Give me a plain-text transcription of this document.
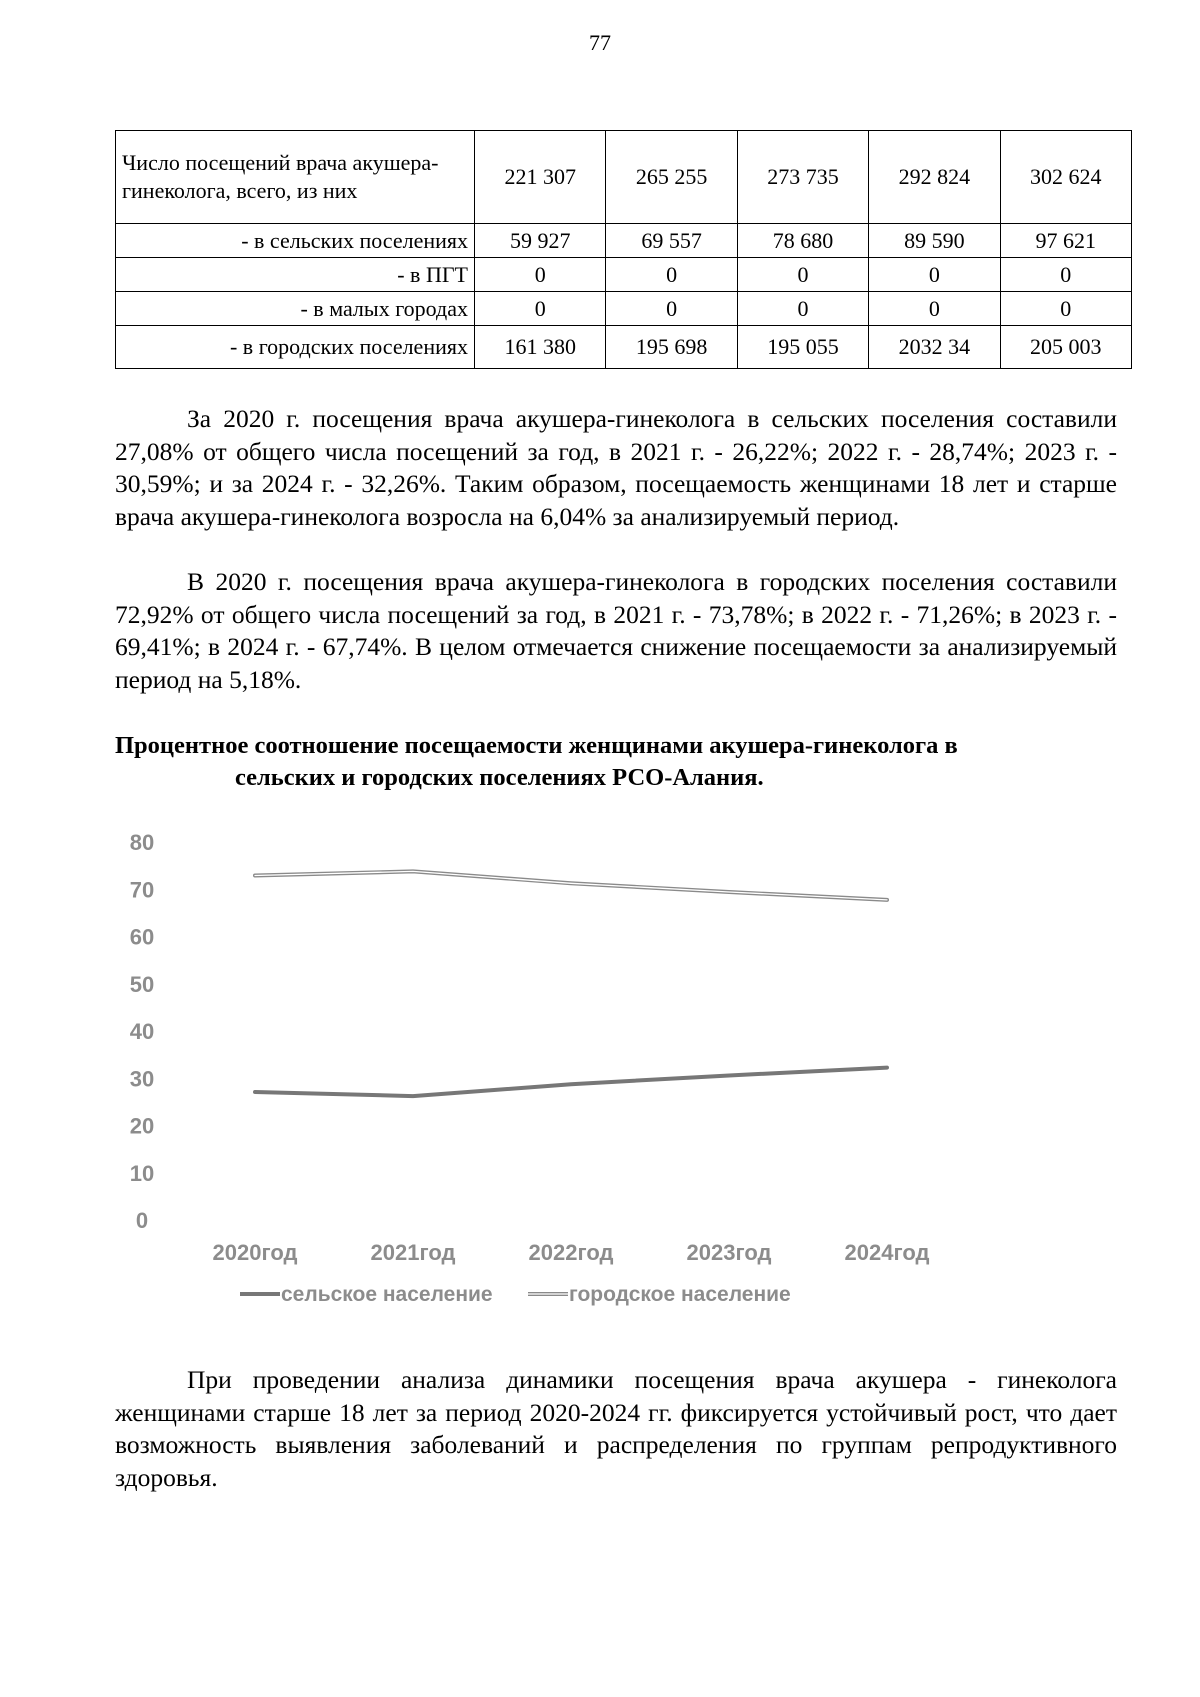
77
Число посещений врача акушера-гинеколога, всего, из них	221 307	265 255	273 735	292 824	302 624
- в сельских поселениях	59 927	69 557	78 680	89 590	97 621
- в ПГТ	0	0	0	0	0
- в малых городах	0	0	0	0	0
- в городских поселениях	161 380	195 698	195 055	2032 34	205 003

За 2020 г. посещения врача акушера-гинеколога в сельских поселения составили 27,08% от общего числа посещений за год, в 2021 г. - 26,22%; 2022 г. - 28,74%; 2023 г. - 30,59%; и за 2024 г. - 32,26%. Таким образом, посещаемость женщинами 18 лет и старше врача акушера-гинеколога возросла на 6,04% за анализируемый период.

В 2020 г. посещения врача акушера-гинеколога в городских поселения составили 72,92% от общего числа посещений за год, в 2021 г. - 73,78%; в 2022 г. - 71,26%; в 2023 г. - 69,41%; в 2024 г. - 67,74%. В целом отмечается снижение посещаемости за анализируемый период на 5,18%.

Процентное соотношение посещаемости женщинами акушера-гинеколога в
сельских и городских поселениях РСО-Алания.
0
10
20
30
40
50
60
70
80
2020год	2021год	2022год	2023год	2024год
сельское население	городское население

При проведении анализа динамики посещения врача акушера - гинеколога женщинами старше 18 лет за период 2020-2024 гг. фиксируется устойчивый рост, что дает возможность выявления заболеваний и распределения по группам репродуктивного здоровья.
